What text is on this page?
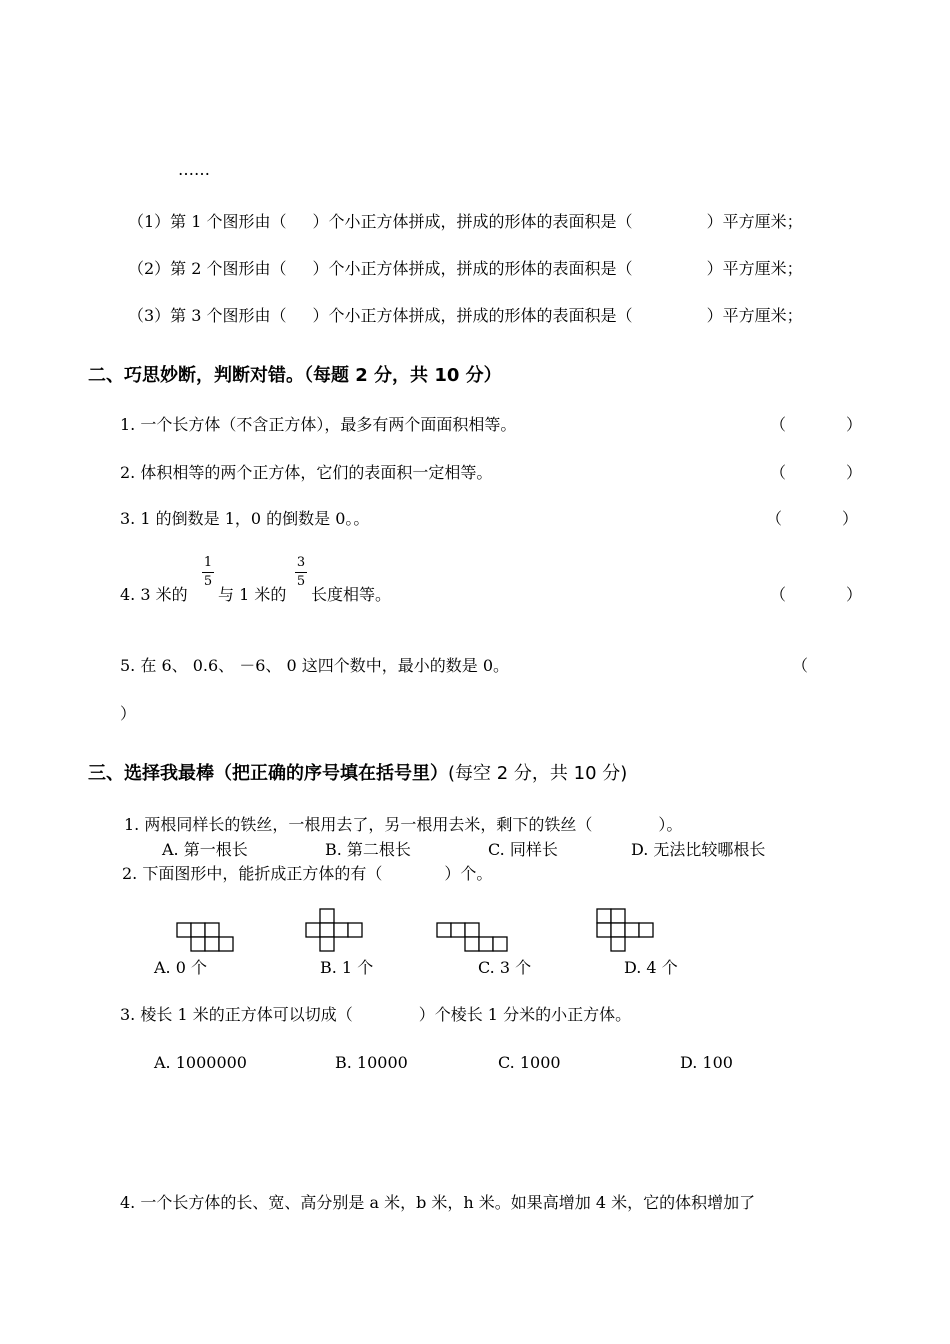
……
（1）第 1 个图形由（ ）个小正方体拼成，拼成的形体的表面积是（	）平方厘米；
（2）第 2 个图形由（ ）个小正方体拼成，拼成的形体的表面积是（	）平方厘米；
（3）第 3 个图形由（ ）个小正方体拼成，拼成的形体的表面积是（	）平方厘米；
二、巧思妙断，判断对错。（每题 2 分，共 10 分）
1. 一个长方体（不含正方体），最多有两个面面积相等。	（	）
2. 体积相等的两个正方体，它们的表面积一定相等。	（	）
3. 1 的倒数是 1，0 的倒数是 0。。	（	）
4. 3 米的
1
5
与 1 米的
3
5
长度相等。	（	）
5. 在 6、 0.6、 －6、 0 这四个数中，最小的数是 0。	（
）
三、选择我最棒（把正确的序号填在括号里）(每空 2 分，共 10 分)
1. 两根同样长的铁丝，一根用去了，另一根用去米，剩下的铁丝（	）。
A. 第一根长	B. 第二根长	C. 同样长	D. 无法比较哪根长
2. 下面图形中，能折成正方体的有（	）个。
A. 0 个	B. 1 个	C. 3 个	D. 4 个
3. 棱长 1 米的正方体可以切成（	）个棱长 1 分米的小正方体。
A. 1000000	B. 10000	C. 1000	D. 100
4. 一个长方体的长、宽、高分别是 a 米，b 米，h 米。如果高增加 4 米，它的体积增加了
